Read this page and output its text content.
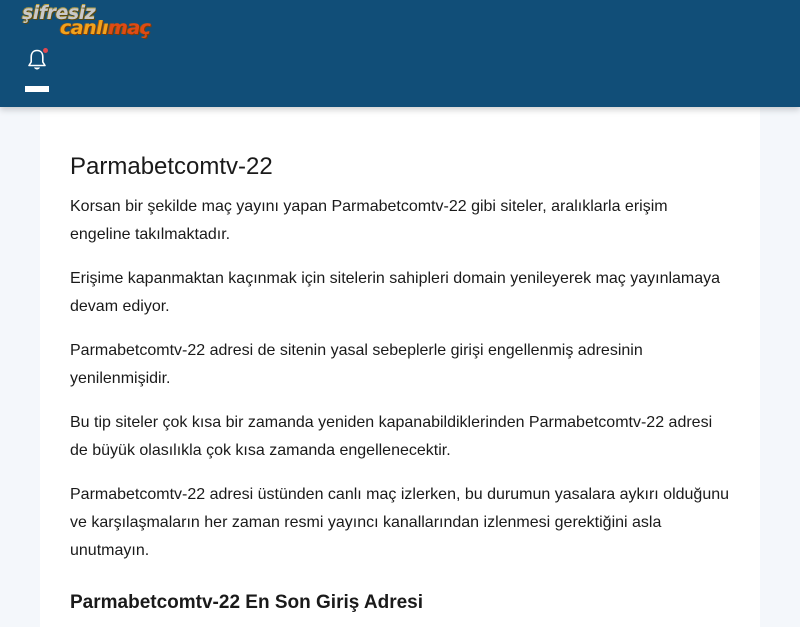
şifresiz
canlımaç
Parmabetcomtv-22

Korsan bir şekilde maç yayını yapan Parmabetcomtv-22 gibi siteler, aralıklarla erişim engeline takılmaktadır.

Erişime kapanmaktan kaçınmak için sitelerin sahipleri domain yenileyerek maç yayınlamaya devam ediyor.

Parmabetcomtv-22 adresi de sitenin yasal sebeplerle girişi engellenmiş adresinin yenilenmişidir.

Bu tip siteler çok kısa bir zamanda yeniden kapanabildiklerinden Parmabetcomtv-22 adresi de büyük olasılıkla çok kısa zamanda engellenecektir.

Parmabetcomtv-22 adresi üstünden canlı maç izlerken, bu durumun yasalara aykırı olduğunu ve karşılaşmaların her zaman resmi yayıncı kanallarından izlenmesi gerektiğini asla unutmayın.

Parmabetcomtv-22 En Son Giriş Adresi
